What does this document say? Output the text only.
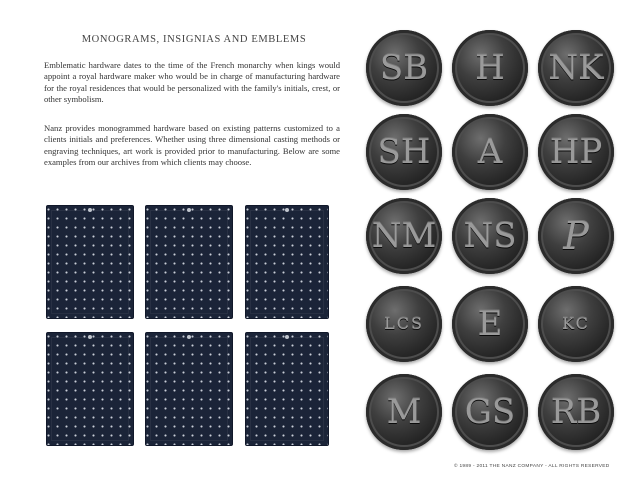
MONOGRAMS, INSIGNIAS AND EMBLEMS

Emblematic hardware dates to the time of the French monarchy when kings would appoint a royal hardware maker who would be in charge of manufacturing hardware for the royal residences that would be personalized with the family's initials, crest, or other symbolism.

Nanz provides monogrammed hardware based on existing patterns customized to a clients initials and preferences. Whether using three dimensional casting methods or engraving techniques, art work is provided prior to manufacturing. Below are some examples from our archives from which clients may choose.

SB H NK
SH A HP
NM NS P
LCS E	KC
M GS RB
© 1989 - 2011 THE NANZ COMPANY - ALL RIGHTS RESERVED
